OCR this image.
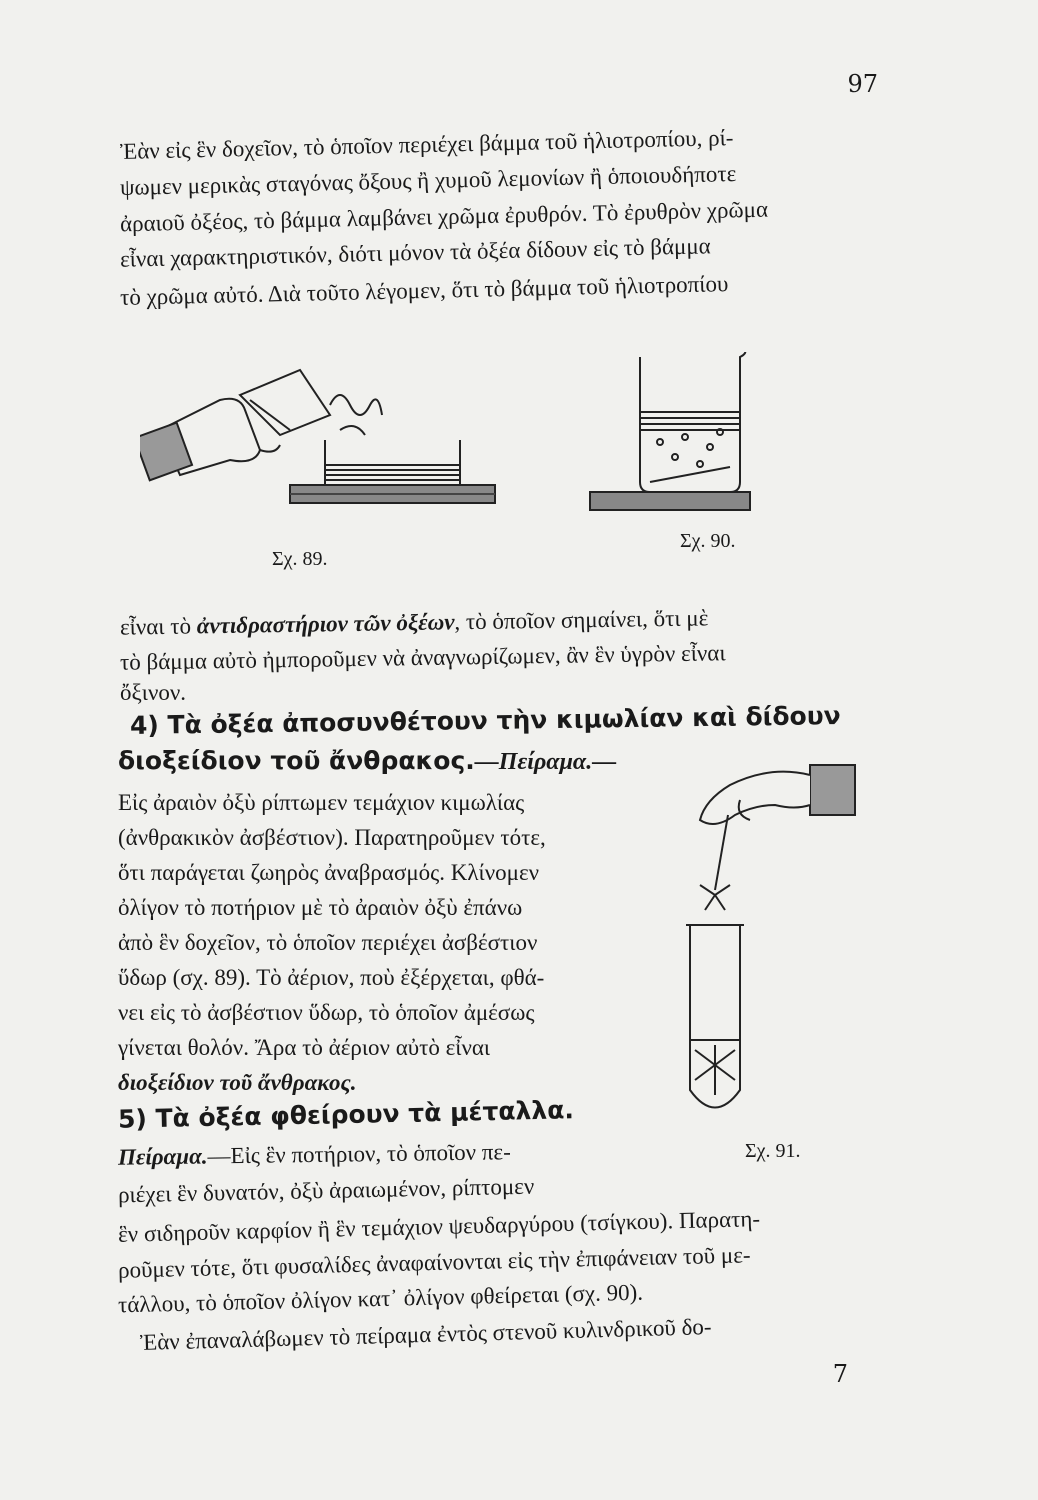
97
Ἐὰν εἰς ἓν δοχεῖον, τὸ ὁποῖον περιέχει βάμμα τοῦ ἡλιοτροπίου, ρί-
ψωμεν μερικὰς σταγόνας ὄξους ἢ χυμοῦ λεμονίων ἢ ὁποιουδήποτε
ἀραιοῦ ὀξέος, τὸ βάμμα λαμβάνει χρῶμα ἐρυθρόν. Τὸ ἐρυθρὸν χρῶμα
εἶναι χαρακτηριστικόν, διότι μόνον τὰ ὀξέα δίδουν εἰς τὸ βάμμα
τὸ χρῶμα αὐτό. Διὰ τοῦτο λέγομεν, ὅτι τὸ βάμμα τοῦ ἡλιοτροπίου
Σχ. 89.
Σχ. 90.
εἶναι τὸ ἀντιδραστήριον τῶν ὀξέων, τὸ ὁποῖον σημαίνει, ὅτι μὲ
τὸ βάμμα αὐτὸ ἠμποροῦμεν νὰ ἀναγνωρίζωμεν, ἂν ἓν ὑγρὸν εἶναι
ὄξινον.
4) Τὰ ὀξέα ἀποσυνθέτουν τὴν κιμωλίαν καὶ δίδουν
διοξείδιον τοῦ ἄνθρακος.—Πείραμα.—
Εἰς ἀραιὸν ὀξὺ ρίπτωμεν τεμάχιον κιμωλίας
(ἀνθρακικὸν ἀσβέστιον). Παρατηροῦμεν τότε,
ὅτι παράγεται ζωηρὸς ἀναβρασμός. Κλίνομεν
ὀλίγον τὸ ποτήριον μὲ τὸ ἀραιὸν ὀξὺ ἐπάνω
ἀπὸ ἓν δοχεῖον, τὸ ὁποῖον περιέχει ἀσβέστιον
ὕδωρ (σχ. 89). Τὸ ἀέριον, ποὺ ἐξέρχεται, φθά-
νει εἰς τὸ ἀσβέστιον ὕδωρ, τὸ ὁποῖον ἀμέσως
γίνεται θολόν. Ἄρα τὸ ἀέριον αὐτὸ εἶναι
διοξείδιον τοῦ ἄνθρακος.
Σχ. 91.
5) Τὰ ὀξέα φθείρουν τὰ μέταλλα.
Πείραμα.—Εἰς ἓν ποτήριον, τὸ ὁποῖον πε-
ριέχει ἓν δυνατόν, ὀξὺ ἀραιωμένον, ρίπτομεν
ἓν σιδηροῦν καρφίον ἢ ἓν τεμάχιον ψευδαργύρου (τσίγκου). Παρατη-
ροῦμεν τότε, ὅτι φυσαλίδες ἀναφαίνονται εἰς τὴν ἐπιφάνειαν τοῦ με-
τάλλου, τὸ ὁποῖον ὀλίγον κατ᾿ ὀλίγον φθείρεται (σχ. 90).
Ἐὰν ἐπαναλάβωμεν τὸ πείραμα ἐντὸς στενοῦ κυλινδρικοῦ δο-
7
